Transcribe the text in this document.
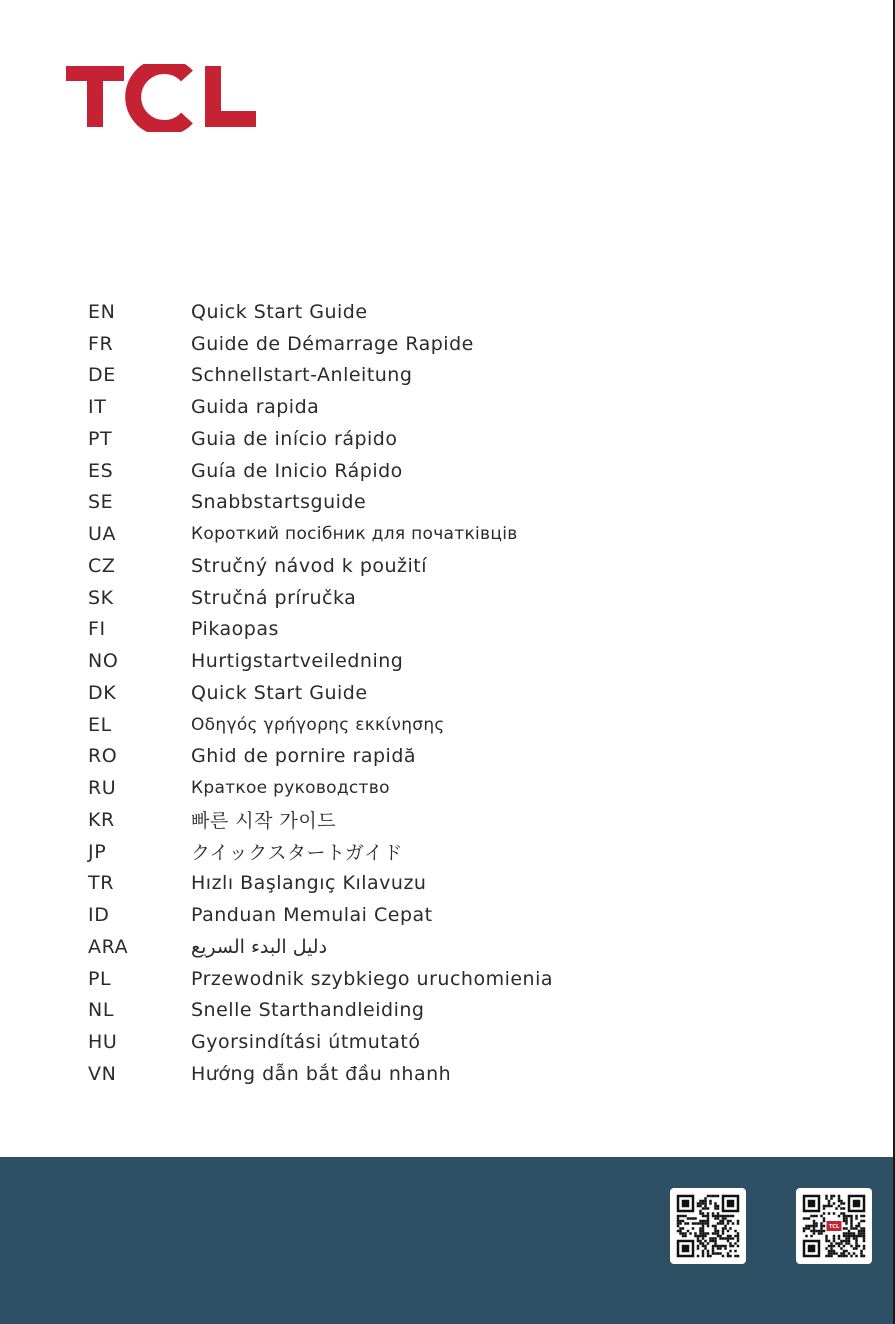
EN	Quick Start Guide
FR	Guide de Démarrage Rapide
DE	Schnellstart-Anleitung
IT	Guida rapida
PT	Guia de início rápido
ES	Guía de Inicio Rápido
SE	Snabbstartsguide
UA	Короткий посібник для початківців
CZ	Stručný návod k použití
SK	Stručná príručka
FI	Pikaopas
NO	Hurtigstartveiledning
DK	Quick Start Guide
EL	Οδηγός γρήγορης εκκίνησης
RO	Ghid de pornire rapidă
RU	Краткое руководство
KR	빠른 시작 가이드
JP	クイックスタートガイド
TR	Hızlı Başlangıç Kılavuzu
ID	Panduan Memulai Cepat
ARA	دليل البدء السريع
PL	Przewodnik szybkiego uruchomienia
NL	Snelle Starthandleiding
HU	Gyorsindítási útmutató
VN	Hướng dẫn bắt đầu nhanh
TCL
